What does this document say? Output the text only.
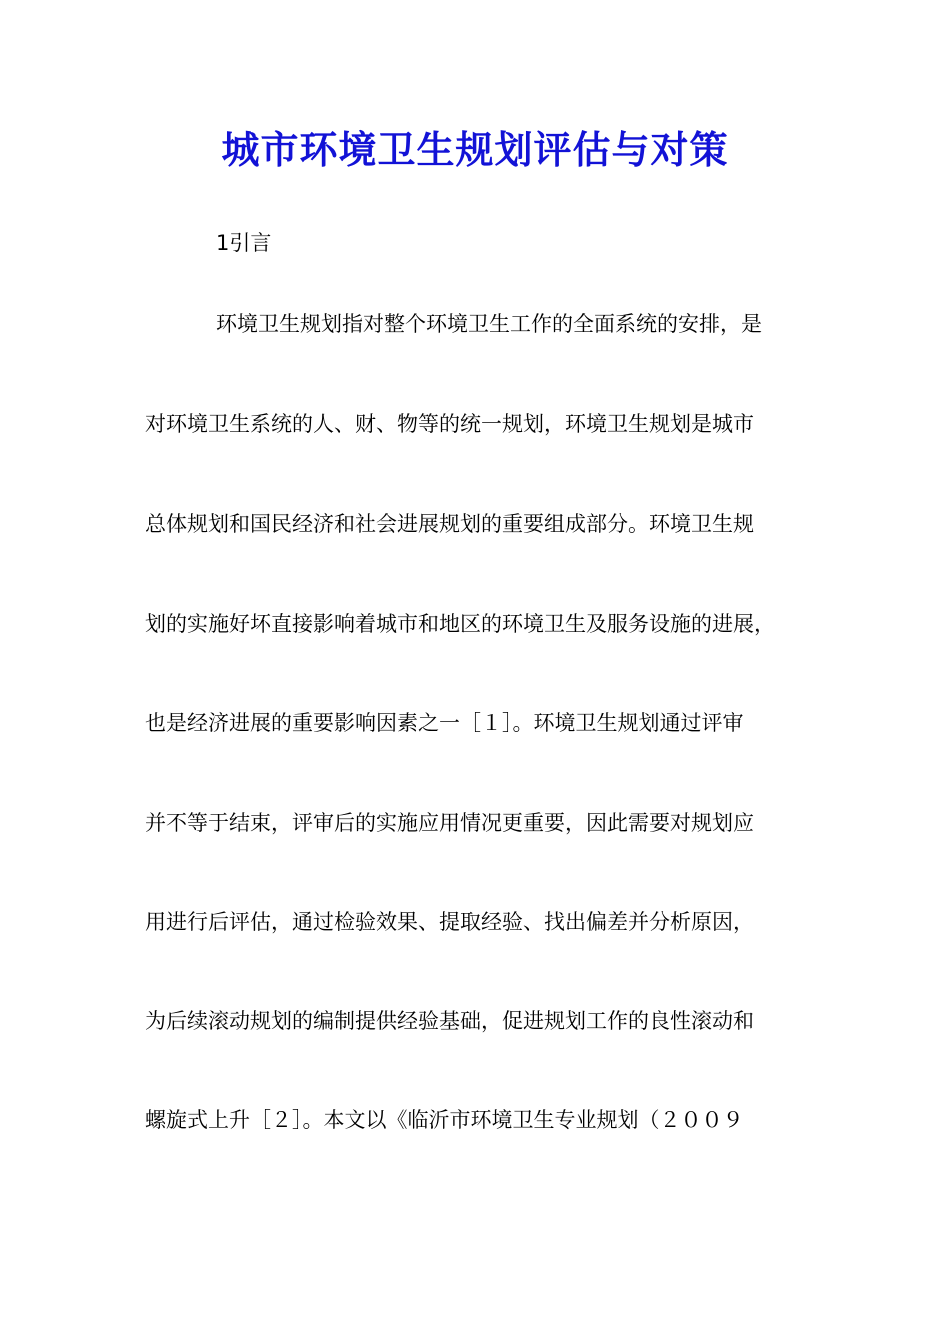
城市环境卫生规划评估与对策
1引言
环境卫生规划指对整个环境卫生工作的全面系统的安排，是
对环境卫生系统的人、财、物等的统一规划，环境卫生规划是城市
总体规划和国民经济和社会进展规划的重要组成部分。环境卫生规
划的实施好坏直接影响着城市和地区的环境卫生及服务设施的进展，
也是经济进展的重要影响因素之一［１］。环境卫生规划通过评审
并不等于结束，评审后的实施应用情况更重要，因此需要对规划应
用进行后评估，通过检验效果、提取经验、找出偏差并分析原因，
为后续滚动规划的编制提供经验基础，促进规划工作的良性滚动和
螺旋式上升［２］。本文以《临沂市环境卫生专业规划（２００９
